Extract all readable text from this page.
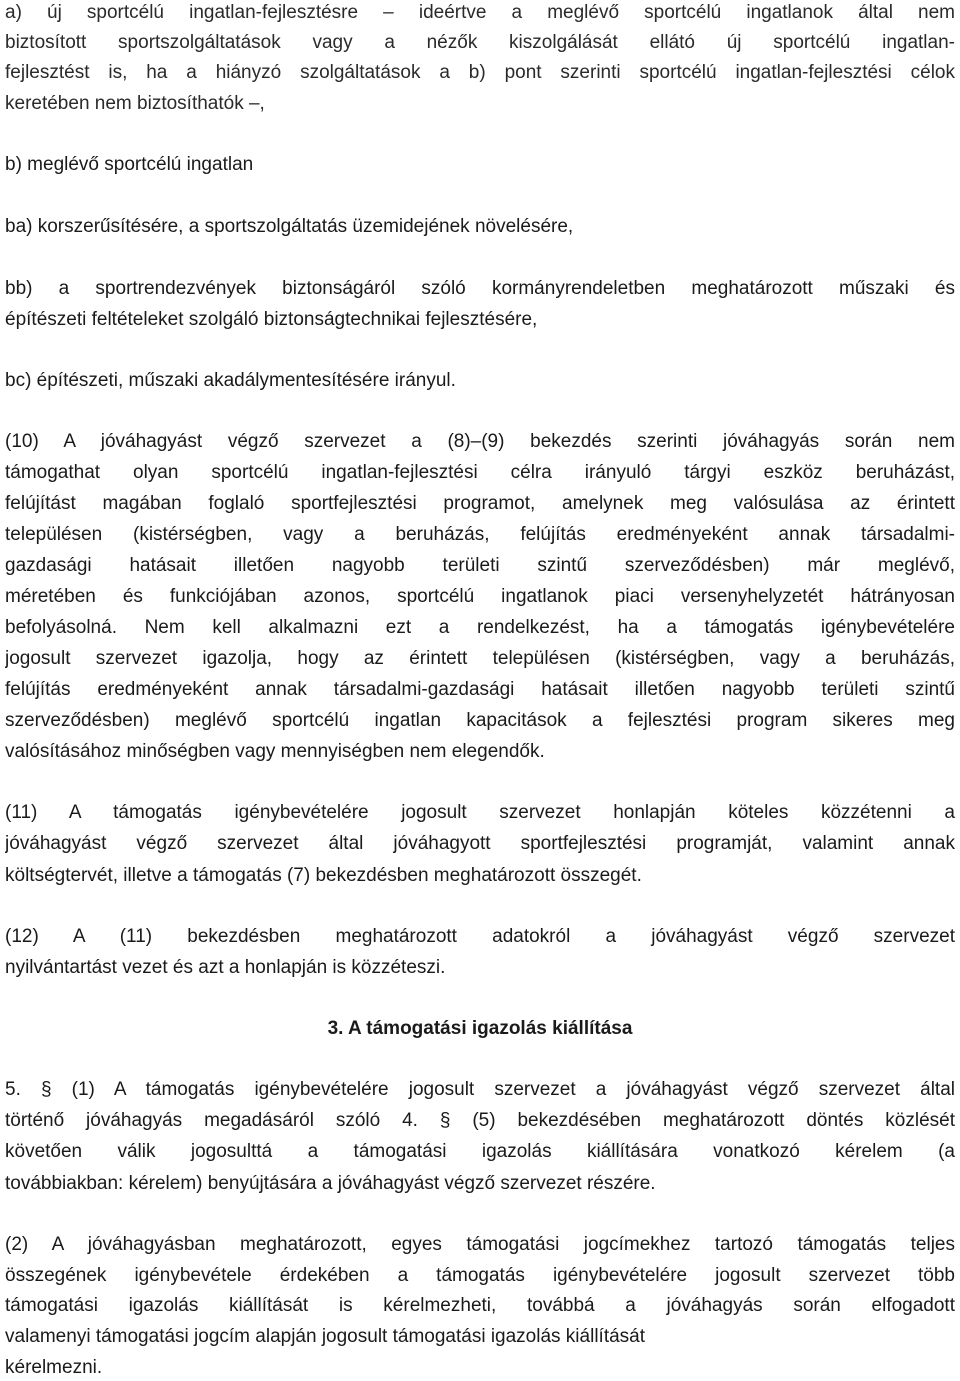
a) új sportcélú ingatlan-fejlesztésre – ideértve a meglévő sportcélú ingatlanok által nem
biztosított sportszolgáltatások vagy a nézők kiszolgálását ellátó új sportcélú ingatlan-
fejlesztést is, ha a hiányzó szolgáltatások a b) pont szerinti sportcélú ingatlan-fejlesztési célok
keretében nem biztosíthatók –,
b) meglévő sportcélú ingatlan
ba) korszerűsítésére, a sportszolgáltatás üzemidejének növelésére,
bb) a sportrendezvények biztonságáról szóló kormányrendeletben meghatározott műszaki és
építészeti feltételeket szolgáló biztonságtechnikai fejlesztésére,
bc) építészeti, műszaki akadálymentesítésére irányul.
(10) A jóváhagyást végző szervezet a (8)–(9) bekezdés szerinti jóváhagyás során nem
támogathat olyan sportcélú ingatlan-fejlesztési célra irányuló tárgyi eszköz beruházást,
felújítást magában foglaló sportfejlesztési programot, amelynek meg valósulása az érintett
településen (kistérségben, vagy a beruházás, felújítás eredményeként annak társadalmi-
gazdasági hatásait illetően nagyobb területi szintű szerveződésben) már meglévő,
méretében és funkciójában azonos, sportcélú ingatlanok piaci versenyhelyzetét hátrányosan
befolyásolná. Nem kell alkalmazni ezt a rendelkezést, ha a támogatás igénybevételére
jogosult szervezet igazolja, hogy az érintett településen (kistérségben, vagy a beruházás,
felújítás eredményeként annak társadalmi-gazdasági hatásait illetően nagyobb területi szintű
szerveződésben) meglévő sportcélú ingatlan kapacitások a fejlesztési program sikeres meg
valósításához minőségben vagy mennyiségben nem elegendők.
(11) A támogatás igénybevételére jogosult szervezet honlapján köteles közzétenni a
jóváhagyást végző szervezet által jóváhagyott sportfejlesztési programját, valamint annak
költségtervét, illetve a támogatás (7) bekezdésben meghatározott összegét.
(12) A (11) bekezdésben meghatározott adatokról a jóváhagyást végző szervezet
nyilvántartást vezet és azt a honlapján is közzéteszi.
3. A támogatási igazolás kiállítása
5. § (1) A támogatás igénybevételére jogosult szervezet a jóváhagyást végző szervezet által
történő jóváhagyás megadásáról szóló 4. § (5) bekezdésében meghatározott döntés közlését
követően válik jogosulttá a támogatási igazolás kiállítására vonatkozó kérelem (a
továbbiakban: kérelem) benyújtására a jóváhagyást végző szervezet részére.
(2) A jóváhagyásban meghatározott, egyes támogatási jogcímekhez tartozó támogatás teljes
összegének igénybevétele érdekében a támogatás igénybevételére jogosult szervezet több
támogatási igazolás kiállítását is kérelmezheti, továbbá a jóváhagyás során elfogadott
valamenyi támogatási jogcím alapján jogosult támogatási igazolás kiállítását
kérelmezni.
